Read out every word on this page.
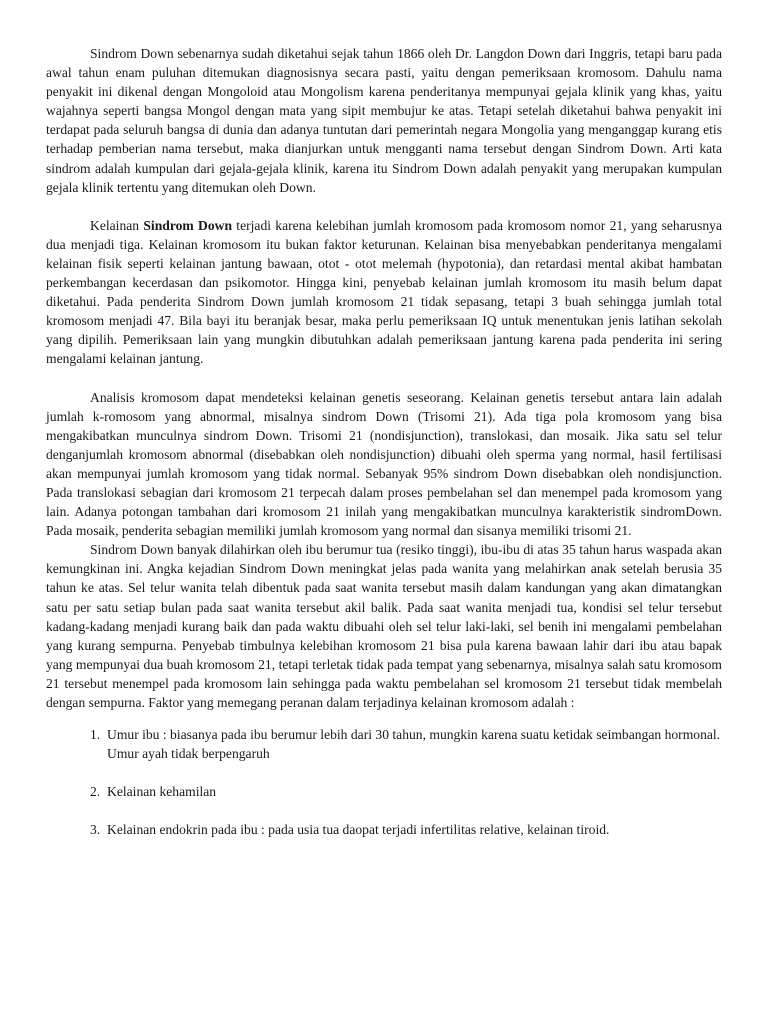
Sindrom Down sebenarnya sudah diketahui sejak tahun 1866 oleh Dr. Langdon Down dari Inggris, tetapi baru pada awal tahun enam puluhan ditemukan diagnosisnya secara pasti, yaitu dengan pemeriksaan kromosom. Dahulu nama penyakit ini dikenal dengan Mongoloid atau Mongolism karena penderitanya mempunyai gejala klinik yang khas, yaitu wajahnya seperti bangsa Mongol dengan mata yang sipit membujur ke atas. Tetapi setelah diketahui bahwa penyakit ini terdapat pada seluruh bangsa di dunia dan adanya tuntutan dari pemerintah negara Mongolia yang menganggap kurang etis terhadap pemberian nama tersebut, maka dianjurkan untuk mengganti nama tersebut dengan Sindrom Down. Arti kata sindrom adalah kumpulan dari gejala-gejala klinik, karena itu Sindrom Down adalah penyakit yang merupakan kumpulan gejala klinik tertentu yang ditemukan oleh Down.

Kelainan Sindrom Down terjadi karena kelebihan jumlah kromosom pada kromosom nomor 21, yang seharusnya dua menjadi tiga. Kelainan kromosom itu bukan faktor keturunan. Kelainan bisa menyebabkan penderitanya mengalami kelainan fisik seperti kelainan jantung bawaan, otot - otot melemah (hypotonia), dan retardasi mental akibat hambatan perkembangan kecerdasan dan psikomotor. Hingga kini, penyebab kelainan jumlah kromosom itu masih belum dapat diketahui. Pada penderita Sindrom Down jumlah kromosom 21 tidak sepasang, tetapi 3 buah sehingga jumlah total kromosom menjadi 47. Bila bayi itu beranjak besar, maka perlu pemeriksaan IQ untuk menentukan jenis latihan sekolah yang dipilih. Pemeriksaan lain yang mungkin dibutuhkan adalah pemeriksaan jantung karena pada penderita ini sering mengalami kelainan jantung.

Analisis kromosom dapat mendeteksi kelainan genetis seseorang. Kelainan genetis tersebut antara lain adalah jumlah k-romosom yang abnormal, misalnya sindrom Down (Trisomi 21). Ada tiga pola kromosom yang bisa mengakibatkan munculnya sindrom Down. Trisomi 21 (nondisjunction), translokasi, dan mosaik. Jika satu sel telur denganjumlah kromosom abnormal (disebabkan oleh nondisjunction) dibuahi oleh sperma yang normal, hasil fertilisasi akan mempunyai jumlah kromosom yang tidak normal. Sebanyak 95% sindrom Down disebabkan oleh nondisjunction. Pada translokasi sebagian dari kromosom 21 terpecah dalam proses pembelahan sel dan menempel pada kromosom yang lain. Adanya potongan tambahan dari kromosom 21 inilah yang mengakibatkan munculnya karakteristik sindromDown. Pada mosaik, penderita sebagian memiliki jumlah kromosom yang normal dan sisanya memiliki trisomi 21.

Sindrom Down banyak dilahirkan oleh ibu berumur tua (resiko tinggi), ibu-ibu di atas 35 tahun harus waspada akan kemungkinan ini. Angka kejadian Sindrom Down meningkat jelas pada wanita yang melahirkan anak setelah berusia 35 tahun ke atas. Sel telur wanita telah dibentuk pada saat wanita tersebut masih dalam kandungan yang akan dimatangkan satu per satu setiap bulan pada saat wanita tersebut akil balik. Pada saat wanita menjadi tua, kondisi sel telur tersebut kadang-kadang menjadi kurang baik dan pada waktu dibuahi oleh sel telur laki-laki, sel benih ini mengalami pembelahan yang kurang sempurna. Penyebab timbulnya kelebihan kromosom 21 bisa pula karena bawaan lahir dari ibu atau bapak yang mempunyai dua buah kromosom 21, tetapi terletak tidak pada tempat yang sebenarnya, misalnya salah satu kromosom 21 tersebut menempel pada kromosom lain sehingga pada waktu pembelahan sel kromosom 21 tersebut tidak membelah dengan sempurna. Faktor yang memegang peranan dalam terjadinya kelainan kromosom adalah :

1. Umur ibu : biasanya pada ibu berumur lebih dari 30 tahun, mungkin karena suatu ketidak seimbangan hormonal. Umur ayah tidak berpengaruh
2. Kelainan kehamilan
3. Kelainan endokrin pada ibu : pada usia tua daopat terjadi infertilitas relative, kelainan tiroid.
